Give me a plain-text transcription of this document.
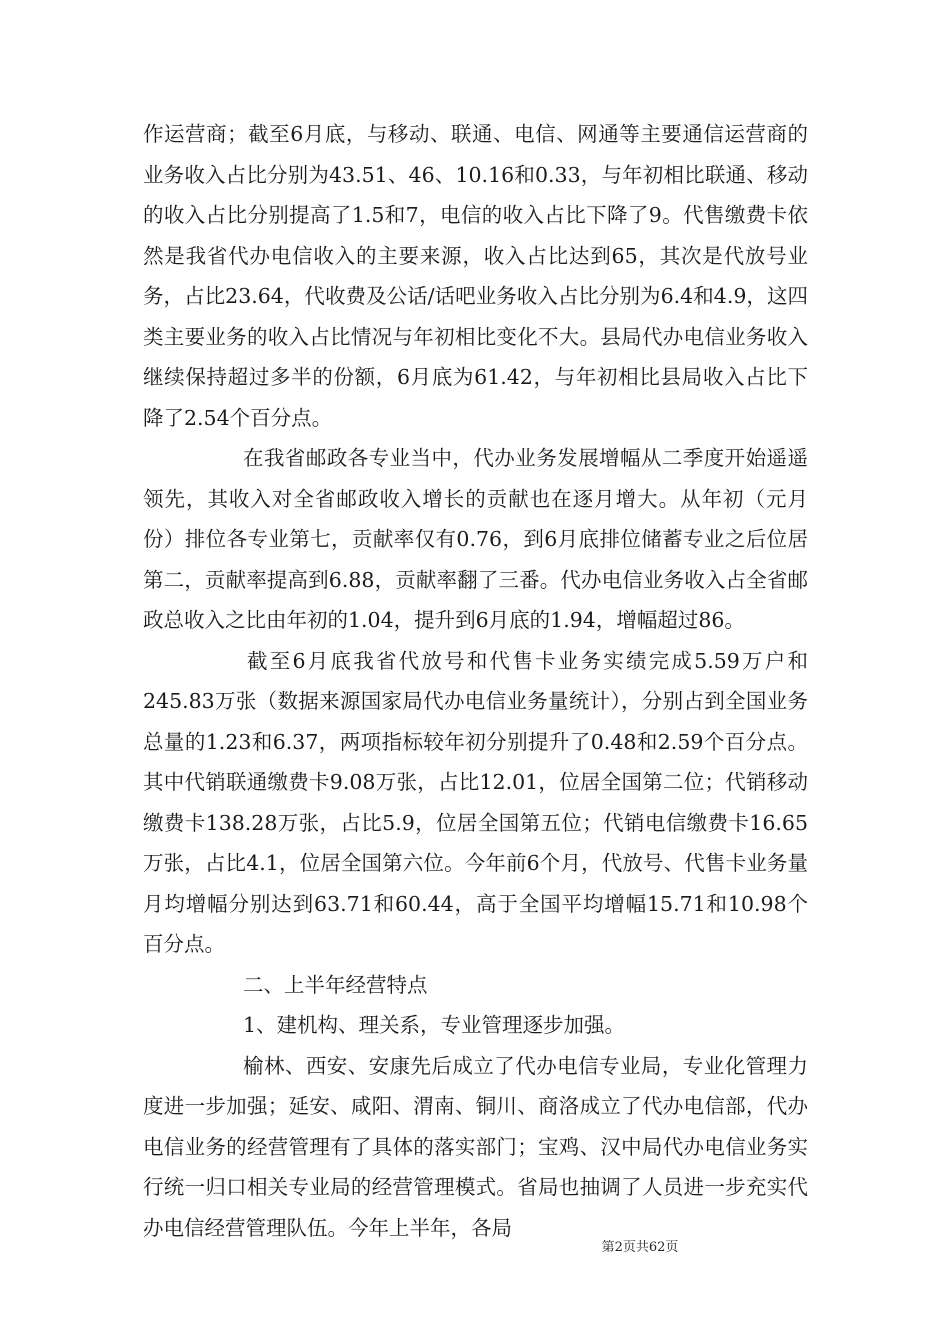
作运营商；截至6月底，与移动、联通、电信、网通等主要通信运营商的业务收入占比分别为43.51、46、10.16和0.33，与年初相比联通、移动的收入占比分别提高了1.5和7，电信的收入占比下降了9。代售缴费卡依然是我省代办电信收入的主要来源，收入占比达到65，其次是代放号业务，占比23.64，代收费及公话/话吧业务收入占比分别为6.4和4.9，这四类主要业务的收入占比情况与年初相比变化不大。县局代办电信业务收入继续保持超过多半的份额，6月底为61.42，与年初相比县局收入占比下降了2.54个百分点。

在我省邮政各专业当中，代办业务发展增幅从二季度开始遥遥领先，其收入对全省邮政收入增长的贡献也在逐月增大。从年初（元月份）排位各专业第七，贡献率仅有0.76，到6月底排位储蓄专业之后位居第二，贡献率提高到6.88，贡献率翻了三番。代办电信业务收入占全省邮政总收入之比由年初的1.04，提升到6月底的1.94，增幅超过86。

截至6月底我省代放号和代售卡业务实绩完成5.59万户和245.83万张（数据来源国家局代办电信业务量统计），分别占到全国业务总量的1.23和6.37，两项指标较年初分别提升了0.48和2.59个百分点。其中代销联通缴费卡9.08万张，占比12.01，位居全国第二位；代销移动缴费卡138.28万张，占比5.9，位居全国第五位；代销电信缴费卡16.65万张，占比4.1，位居全国第六位。今年前6个月，代放号、代售卡业务量月均增幅分别达到63.71和60.44，高于全国平均增幅15.71和10.98个百分点。

二、上半年经营特点

1、建机构、理关系，专业管理逐步加强。

榆林、西安、安康先后成立了代办电信专业局，专业化管理力度进一步加强；延安、咸阳、渭南、铜川、商洛成立了代办电信部，代办电信业务的经营管理有了具体的落实部门；宝鸡、汉中局代办电信业务实行统一归口相关专业局的经营管理模式。省局也抽调了人员进一步充实代办电信经营管理队伍。今年上半年，各局

第2页共62页
